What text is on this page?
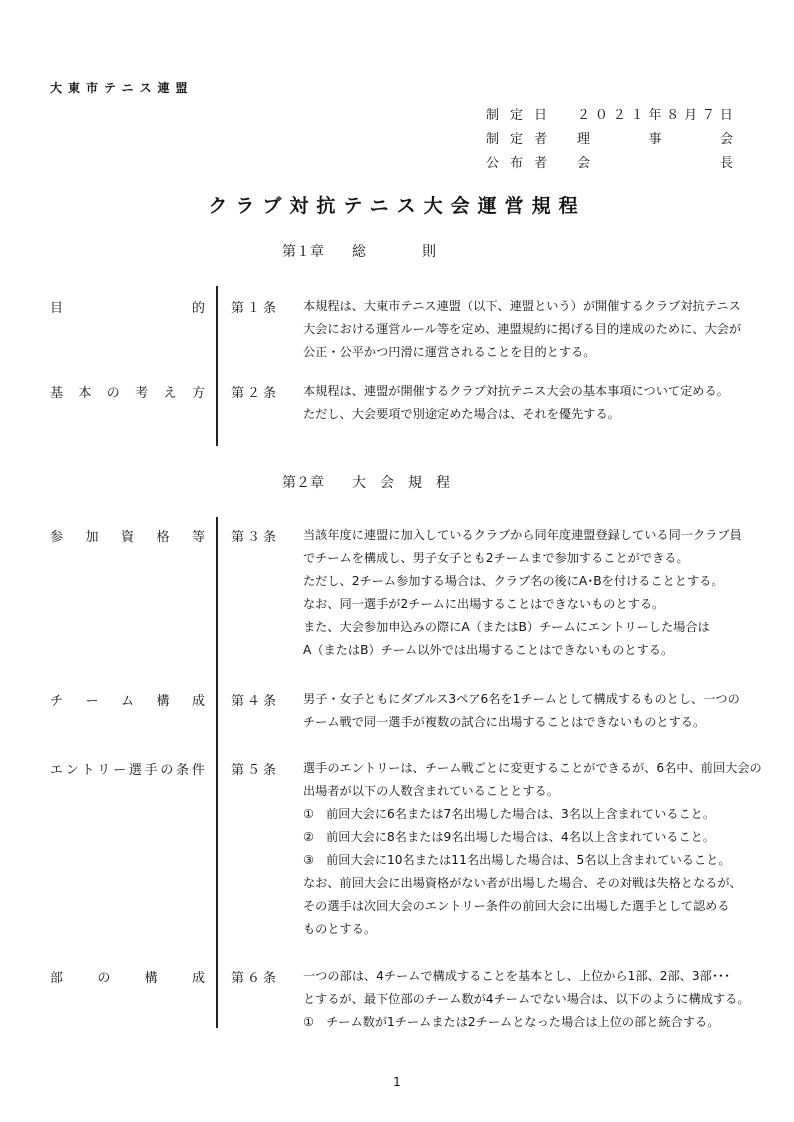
大東市テニス連盟
制定日 ２ ０ ２ １ 年 ８ 月 ７ 日
制定者 理	事	会
公布者 会	長
クラブ対抗テニス大会運営規程
第１章　　総　　　　則
第２章　　大　会　規　程
目	的 第１条 本規程は、大東市テニス連盟（以下、連盟という）が開催するクラブ対抗テニス
大会における運営ルール等を定め、連盟規約に掲げる目的達成のために、大会が
公正・公平かつ円滑に運営されることを目的とする。
基 本 の 考 え 方 第２条 本規程は、連盟が開催するクラブ対抗テニス大会の基本事項について定める。
ただし、大会要項で別途定めた場合は、それを優先する。
参 加 資 格 等 第３条 当該年度に連盟に加入しているクラブから同年度連盟登録している同一クラブ員
でチームを構成し、男子女子とも2チームまで参加することができる。
ただし、2チーム参加する場合は、クラブ名の後にA･Bを付けることとする。
なお、同一選手が2チームに出場することはできないものとする。
また、大会参加申込みの際にA（またはB）チームにエントリーした場合は
A（またはB）チーム以外では出場することはできないものとする。
チ ー ム 構 成 第４条 男子・女子ともにダブルス3ペア6名を1チームとして構成するものとし、一つの
チーム戦で同一選手が複数の試合に出場することはできないものとする。
エ ン ト リ ー 選 手 の 条 件 第５条 選手のエントリーは、チーム戦ごとに変更することができるが、6名中、前回大会の
出場者が以下の人数含まれていることとする。
①　前回大会に6名または7名出場した場合は、3名以上含まれていること。
②　前回大会に8名または9名出場した場合は、4名以上含まれていること。
③　前回大会に10名または11名出場した場合は、5名以上含まれていること。
なお、前回大会に出場資格がない者が出場した場合、その対戦は失格となるが、
その選手は次回大会のエントリー条件の前回大会に出場した選手として認める
ものとする。
部	の	構	成 第６条 一つの部は、4チームで構成することを基本とし、上位から1部、2部、3部･･･
とするが、最下位部のチーム数が4チームでない場合は、以下のように構成する。
①　チーム数が1チームまたは2チームとなった場合は上位の部と統合する。
1
